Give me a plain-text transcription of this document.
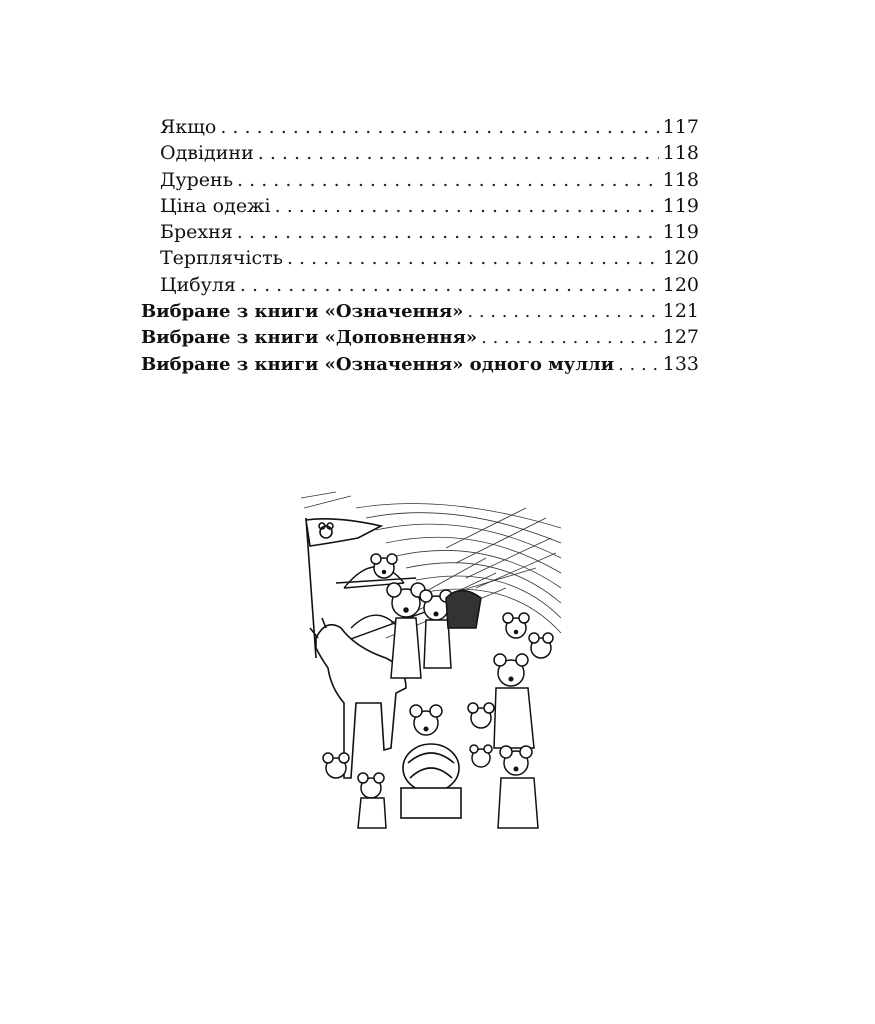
Якщо . . .	117
Одвідини . . .	118
Дурень . . .	118
Ціна одежі . . .	119
Брехня . . .	119
Терплячість . . .	120
Цибуля . . .	120
Вибране з книги «Означення» . . .	121
Вибране з книги «Доповнення» . . .	127
Вибране з книги «Означення» одного мулли . . .	133
